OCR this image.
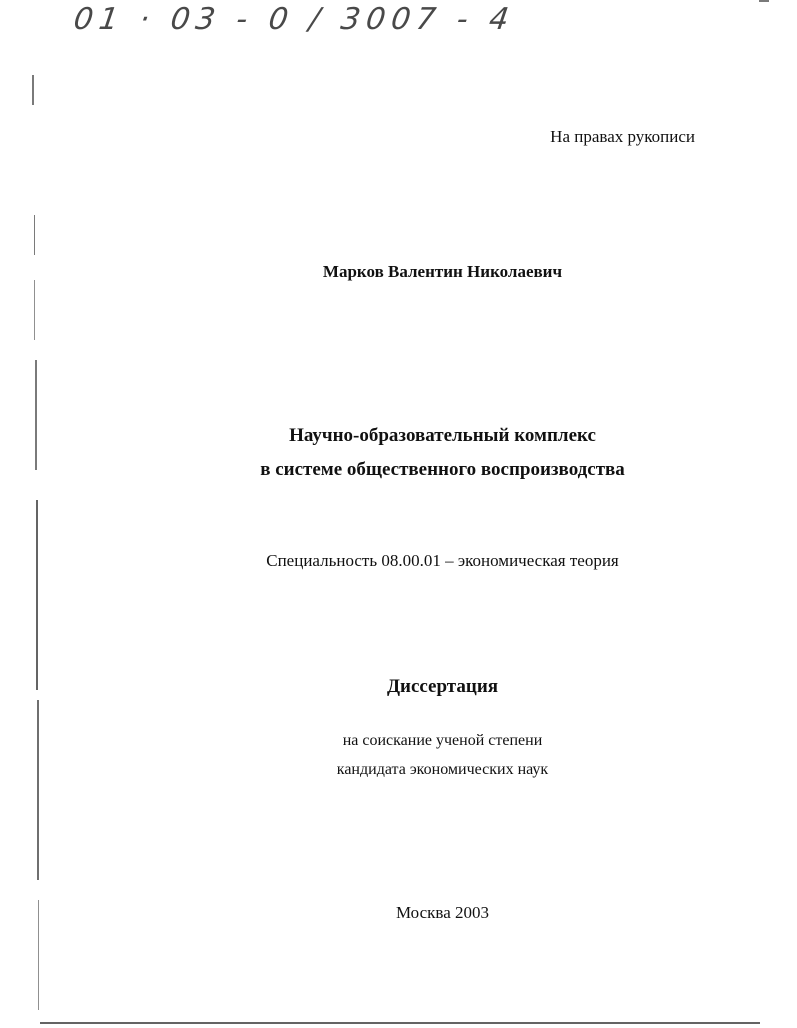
01 · 03 - 0 / 3007 - 4
На правах рукописи
Марков Валентин Николаевич
Научно-образовательный комплекс
в системе общественного воспроизводства
Специальность 08.00.01 – экономическая теория
Диссертация
на соискание ученой степени
кандидата экономических наук
Москва 2003
